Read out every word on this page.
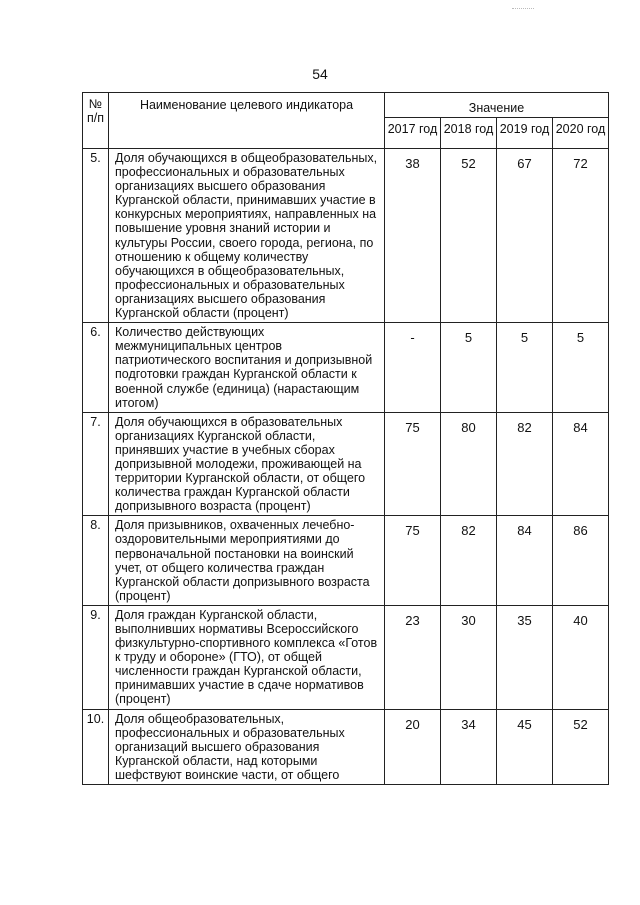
54
№ п/п	Наименование целевого индикатора	Значение			
		2017 год	2018 год	2019 год	2020 год
5.	Доля обучающихся в общеобразовательных, профессиональных и образовательных организациях высшего образования Курганской области, принимавших участие в конкурсных мероприятиях, направленных на повышение уровня знаний истории и культуры России, своего города, региона, по отношению к общему количеству обучающихся в общеобразовательных, профессиональных и образовательных организациях высшего образования Курганской области (процент)	38	52	67	72
6.	Количество действующих межмуниципальных центров патриотического воспитания и допризывной подготовки граждан Курганской области к военной службе (единица) (нарастающим итогом)	-	5	5	5
7.	Доля обучающихся в образовательных организациях Курганской области, принявших участие в учебных сборах допризывной молодежи, проживающей на территории Курганской области, от общего количества граждан Курганской области допризывного возраста (процент)	75	80	82	84
8.	Доля призывников, охваченных лечебно-оздоровительными мероприятиями до первоначальной постановки на воинский учет, от общего количества граждан Курганской области допризывного возраста (процент)	75	82	84	86
9.	Доля граждан Курганской области, выполнивших нормативы Всероссийского физкультурно-спортивного комплекса «Готов к труду и обороне» (ГТО), от общей численности граждан Курганской области, принимавших участие в сдаче нормативов (процент)	23	30	35	40
10.	Доля общеобразовательных, профессиональных и образовательных организаций высшего образования Курганской области, над которыми шефствуют воинские части, от общего	20	34	45	52
